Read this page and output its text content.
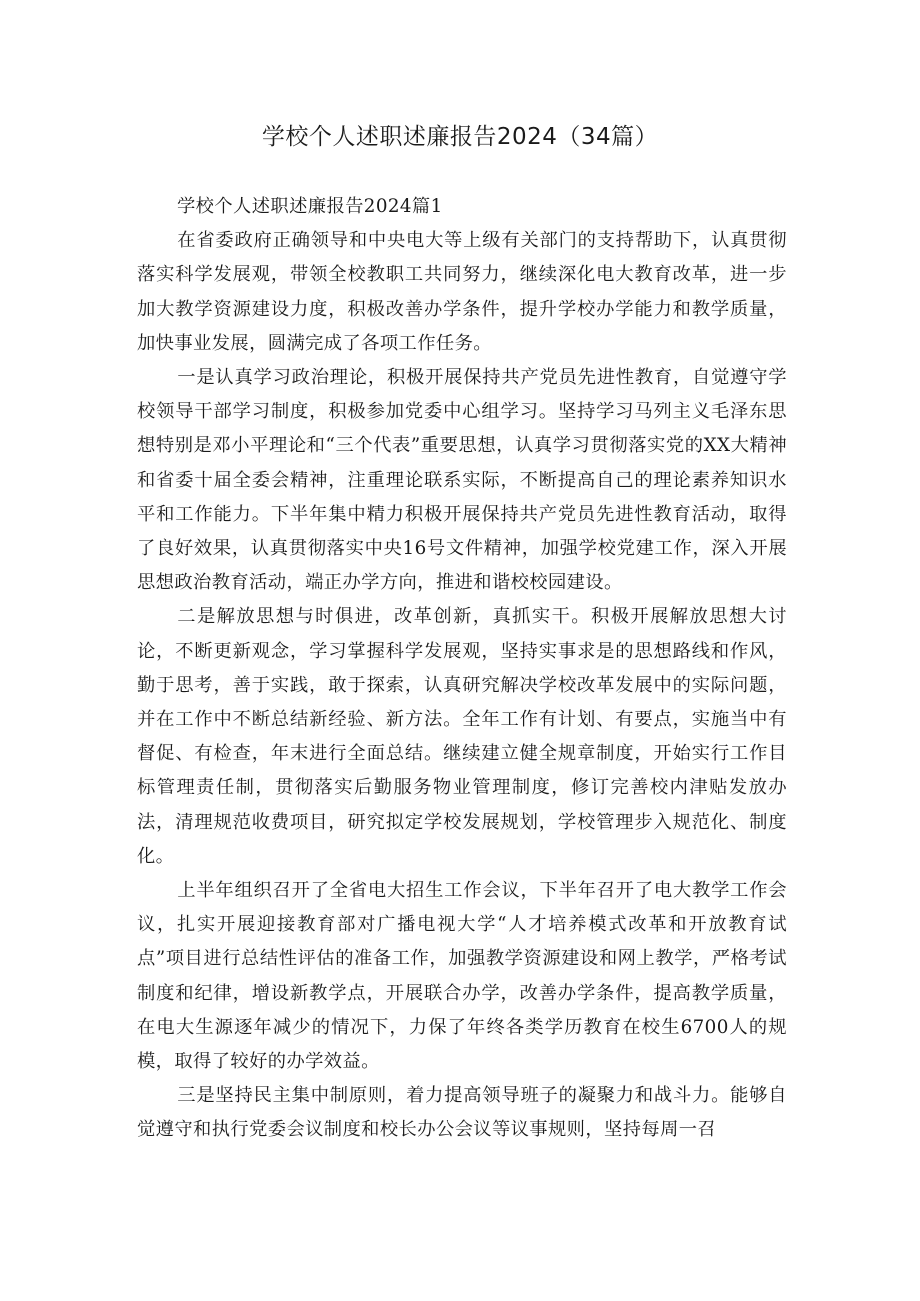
学校个人述职述廉报告2024（34篇）

学校个人述职述廉报告2024篇1

在省委政府正确领导和中央电大等上级有关部门的支持帮助下，认真贯彻落实科学发展观，带领全校教职工共同努力，继续深化电大教育改革，进一步加大教学资源建设力度，积极改善办学条件，提升学校办学能力和教学质量，加快事业发展，圆满完成了各项工作任务。

一是认真学习政治理论，积极开展保持共产党员先进性教育，自觉遵守学校领导干部学习制度，积极参加党委中心组学习。坚持学习马列主义毛泽东思想特别是邓小平理论和“三个代表”重要思想，认真学习贯彻落实党的XX大精神和省委十届全委会精神，注重理论联系实际，不断提高自己的理论素养知识水平和工作能力。下半年集中精力积极开展保持共产党员先进性教育活动，取得了良好效果，认真贯彻落实中央16号文件精神，加强学校党建工作，深入开展思想政治教育活动，端正办学方向，推进和谐校校园建设。

二是解放思想与时俱进，改革创新，真抓实干。积极开展解放思想大讨论，不断更新观念，学习掌握科学发展观，坚持实事求是的思想路线和作风，勤于思考，善于实践，敢于探索，认真研究解决学校改革发展中的实际问题，并在工作中不断总结新经验、新方法。全年工作有计划、有要点，实施当中有督促、有检查，年末进行全面总结。继续建立健全规章制度，开始实行工作目标管理责任制，贯彻落实后勤服务物业管理制度，修订完善校内津贴发放办法，清理规范收费项目，研究拟定学校发展规划，学校管理步入规范化、制度化。

上半年组织召开了全省电大招生工作会议，下半年召开了电大教学工作会议，扎实开展迎接教育部对广播电视大学“人才培养模式改革和开放教育试点”项目进行总结性评估的准备工作，加强教学资源建设和网上教学，严格考试制度和纪律，增设新教学点，开展联合办学，改善办学条件，提高教学质量，在电大生源逐年减少的情况下，力保了年终各类学历教育在校生6700人的规模，取得了较好的办学效益。

三是坚持民主集中制原则，着力提高领导班子的凝聚力和战斗力。能够自觉遵守和执行党委会议制度和校长办公会议等议事规则，坚持每周一召
